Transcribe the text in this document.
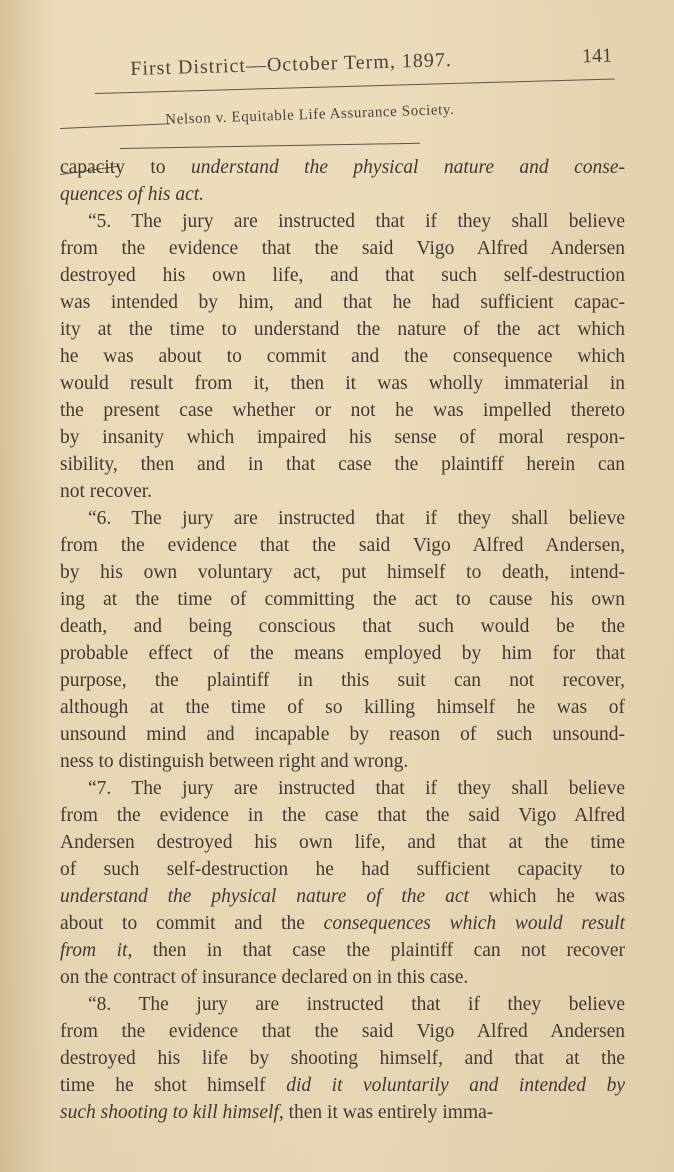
First District—October Term, 1897.	141
Nelson v. Equitable Life Assurance Society.
capacity to understand the physical nature and conse-
quences of his act.
“5. The jury are instructed that if they shall believe
from the evidence that the said Vigo Alfred Andersen
destroyed his own life, and that such self-destruction
was intended by him, and that he had sufficient capac-
ity at the time to understand the nature of the act which
he was about to commit and the consequence which
would result from it, then it was wholly immaterial in
the present case whether or not he was impelled thereto
by insanity which impaired his sense of moral respon-
sibility, then and in that case the plaintiff herein can
not recover.
“6. The jury are instructed that if they shall believe
from the evidence that the said Vigo Alfred Andersen,
by his own voluntary act, put himself to death, intend-
ing at the time of committing the act to cause his own
death, and being conscious that such would be the
probable effect of the means employed by him for that
purpose, the plaintiff in this suit can not recover,
although at the time of so killing himself he was of
unsound mind and incapable by reason of such unsound-
ness to distinguish between right and wrong.
“7. The jury are instructed that if they shall believe
from the evidence in the case that the said Vigo Alfred
Andersen destroyed his own life, and that at the time
of such self-destruction he had sufficient capacity to
understand the physical nature of the act which he was
about to commit and the consequences which would result
from it, then in that case the plaintiff can not recover
on the contract of insurance declared on in this case.
“8. The jury are instructed that if they believe
from the evidence that the said Vigo Alfred Andersen
destroyed his life by shooting himself, and that at the
time he shot himself did it voluntarily and intended by
such shooting to kill himself, then it was entirely imma-
